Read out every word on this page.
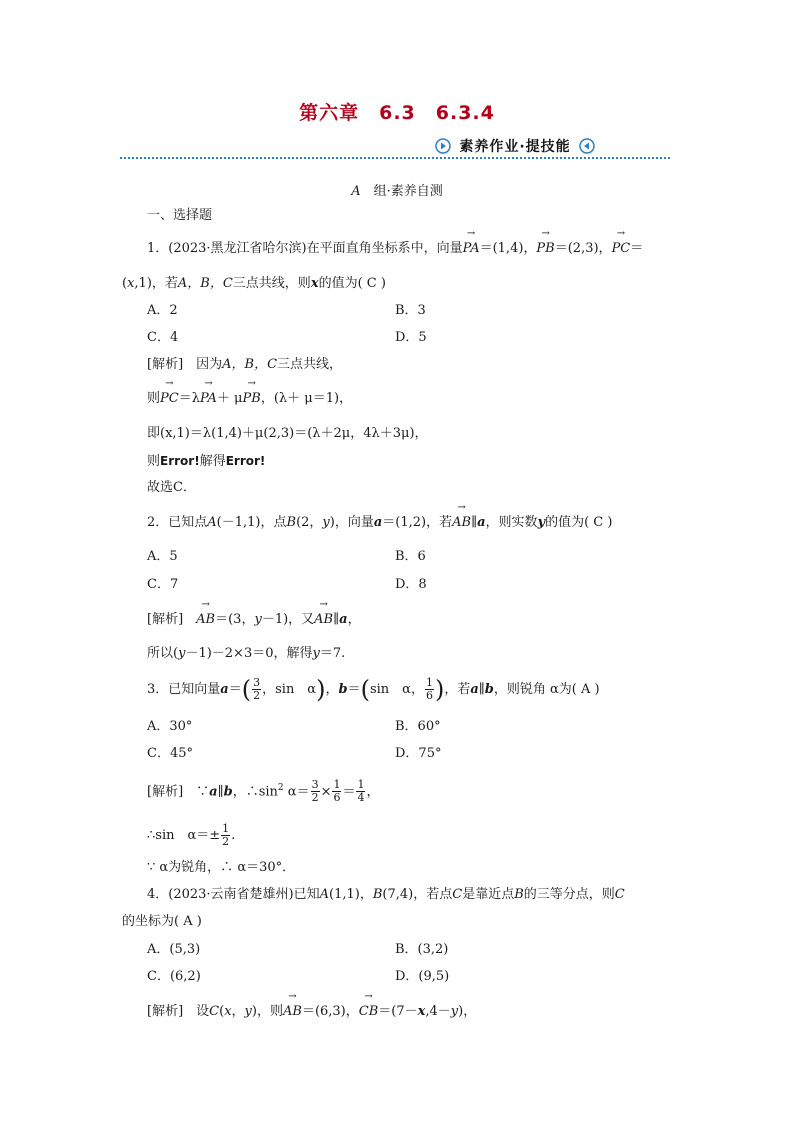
第六章　6.3　6.3.4
素养作业·提技能
A　组·素养自测
一、选择题
1．(2023·黑龙江省哈尔滨)在平面直角坐标系中，向量→ PA＝(1,4)，→ PB＝(2,3)，→ PC＝
(x,1)，若A，B，C三点共线，则x的值为( C )
A．2	B．3
C．4	D．5
[解析]　因为A，B，C三点共线，
则→ PC＝λ→ PA＋ μ→ PB，(λ＋ μ＝1)，
即(x,1)＝λ(1,4)＋μ(2,3)＝(λ＋2μ，4λ＋3μ)，
则Error!解得Error!
故选C．
2．已知点A(－1,1)，点B(2，y)，向量a＝(1,2)，若→ AB∥a，则实数y的值为( C )
A．5	B．6
C．7	D．8
[解析]　→ AB＝(3，y－1)，又→ AB∥a，
所以(y－1)－2×3＝0，解得y＝7.
3．已知向量$a=( \frac{3}{2}$ ，sin　α)，b＝(sin　α， $\frac{1}{6}$ )，若a∥b，则锐角 α为( A )
A．30°	B．60°
C．45°	D．75°
[解析]　∵a∥b，$\therefore\sin^2$ $\alpha= \frac{3}{2} \times \frac{1}{6} = \frac{1}{4}$ ，
∴sin　$\alpha=\pm \frac{1}{2}$ .
∵ α为锐角，∴ α＝30°．
4．(2023·云南省楚雄州)已知A(1,1)，B(7,4)，若点C是靠近点B的三等分点，则C
的坐标为( A )
A．(5,3)	B．(3,2)
C．(6,2)	D．(9,5)
[解析]　设C(x，y)，则→ AB＝(6,3)，→ CB＝(7－x,4－y)，
